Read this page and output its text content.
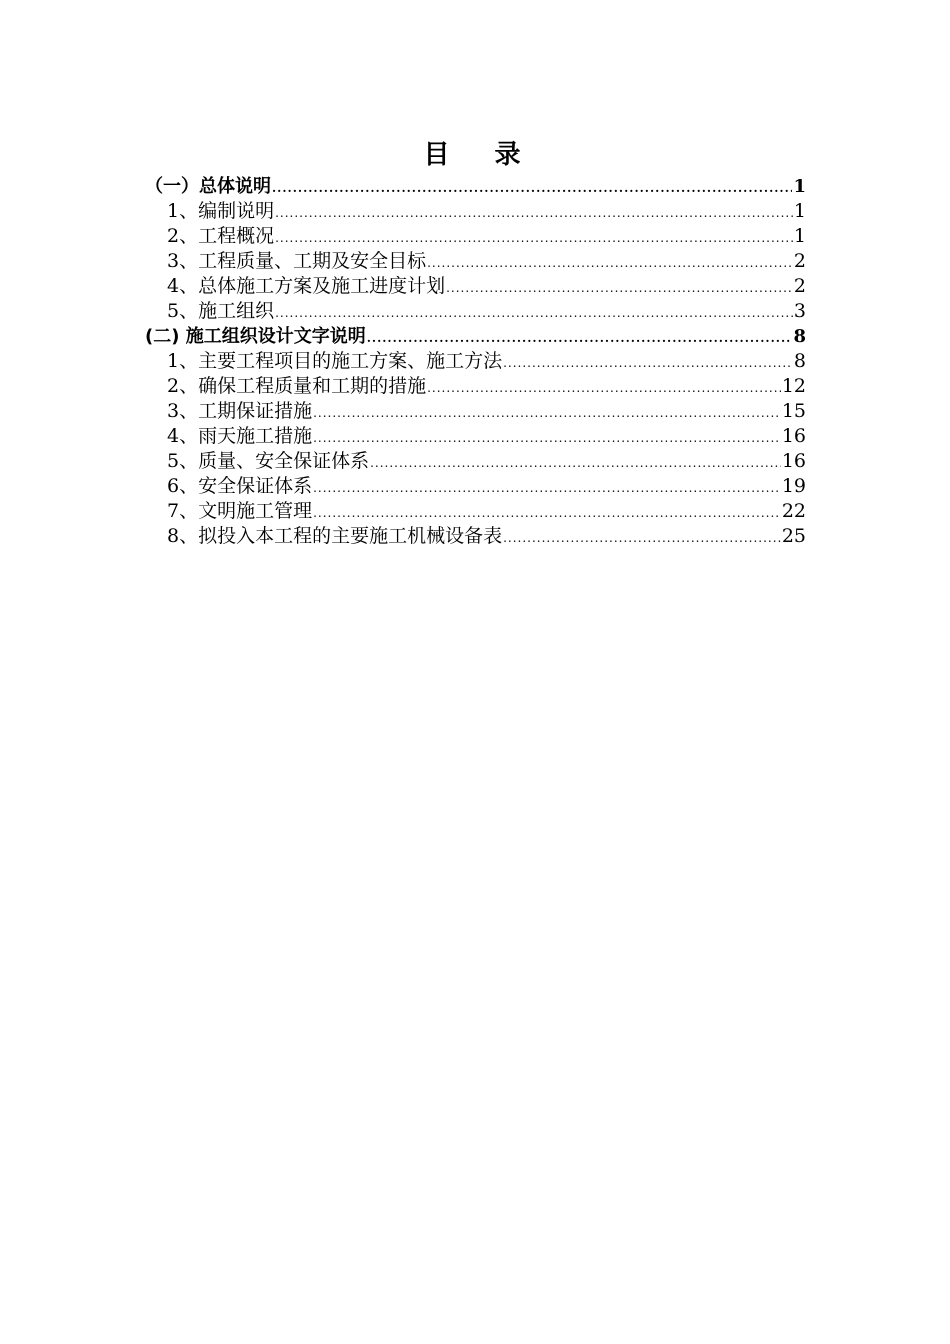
目 录
（一）总体说明 .....	1
1、编制说明 .....	1
2、工程概况 .....	1
3、工程质量、工期及安全目标 .....	2
4、总体施工方案及施工进度计划 .....	2
5、施工组织 .....	3
(二) 施工组织设计文字说明 .....	8
1、主要工程项目的施工方案、施工方法 .....	8
2、确保工程质量和工期的措施 .....	12
3、工期保证措施 .....	15
4、雨天施工措施 .....	16
5、质量、安全保证体系 .....	16
6、安全保证体系 .....	19
7、文明施工管理 .....	22
8、拟投入本工程的主要施工机械设备表 .....	25
